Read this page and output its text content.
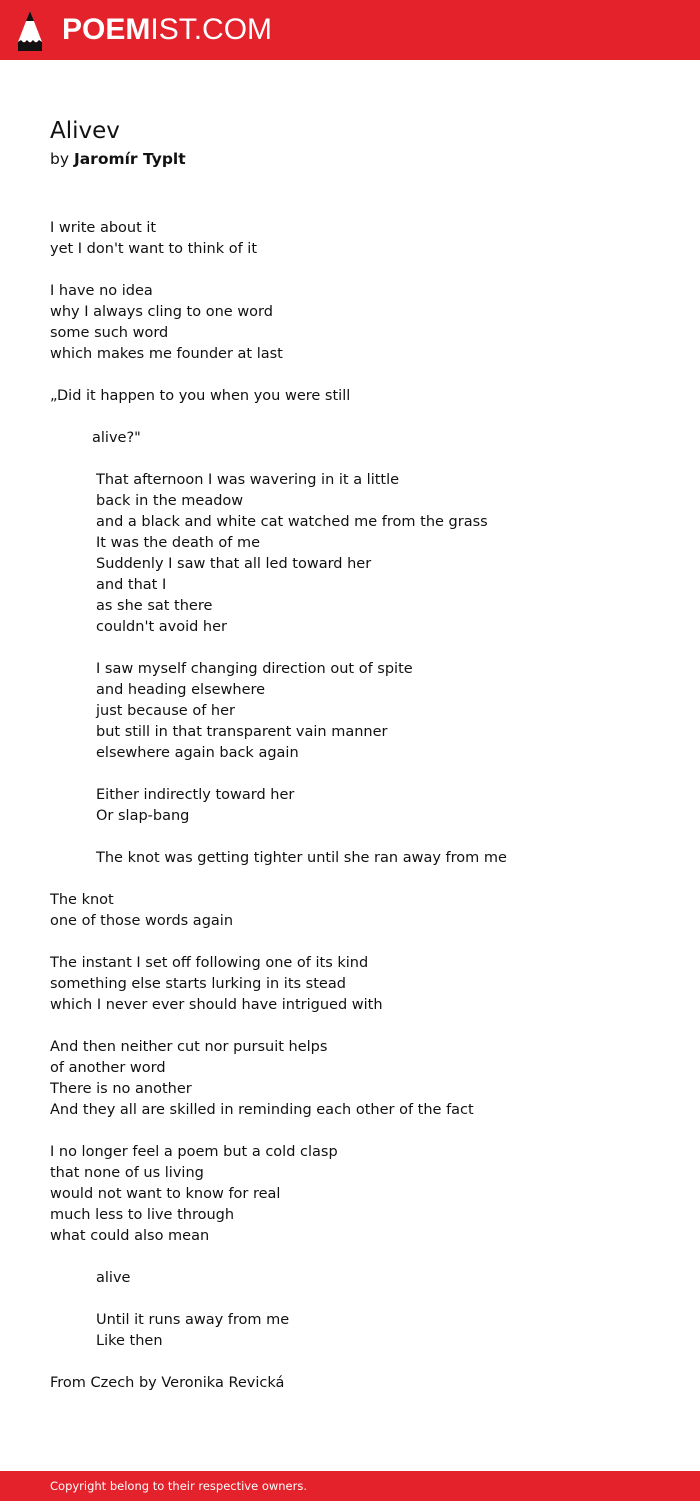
POEMIST.COM
Alivev
by Jaromír Typlt
I write about it
yet I don't want to think of it
I have no idea
why I always cling to one word
some such word
which makes me founder at last
„Did it happen to you when you were still
alive?"
That afternoon I was wavering in it a little
back in the meadow
and a black and white cat watched me from the grass
It was the death of me
Suddenly I saw that all led toward her
and that I
as she sat there
couldn't avoid her
I saw myself changing direction out of spite
and heading elsewhere
just because of her
but still in that transparent vain manner
elsewhere again back again
Either indirectly toward her
Or slap-bang
The knot was getting tighter until she ran away from me
The knot
one of those words again
The instant I set off following one of its kind
something else starts lurking in its stead
which I never ever should have intrigued with
And then neither cut nor pursuit helps
of another word
There is no another
And they all are skilled in reminding each other of the fact
I no longer feel a poem but a cold clasp
that none of us living
would not want to know for real
much less to live through
what could also mean
alive
Until it runs away from me
Like then
From Czech by Veronika Revická
Copyright belong to their respective owners.
